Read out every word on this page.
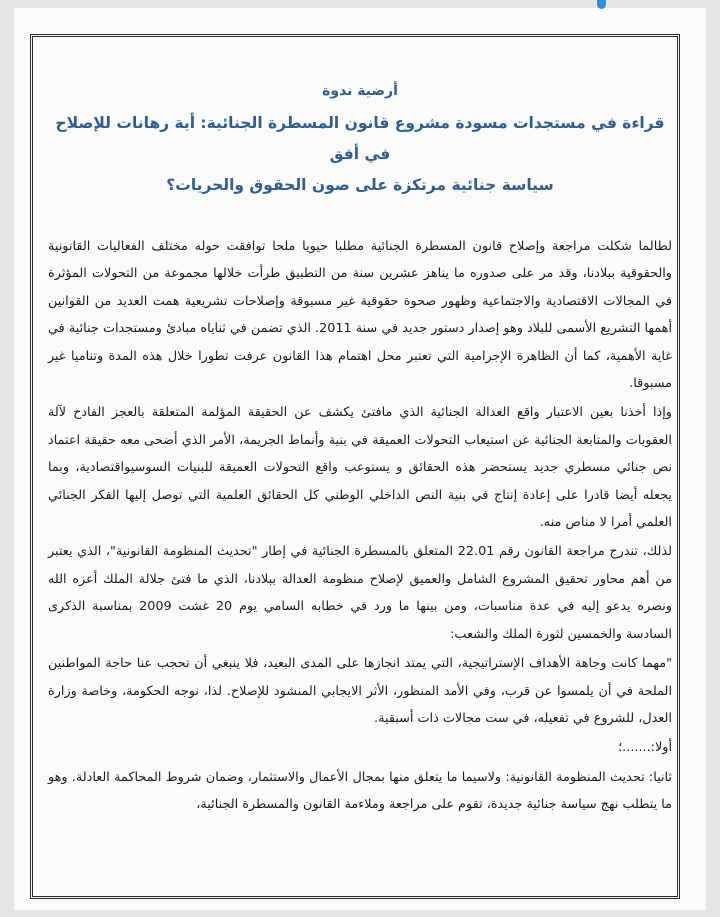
أرضية ندوة
قراءة في مستجدات مسودة مشروع قانون المسطرة الجنائية: أية رهانات للإصلاح في أفق
سياسة جنائية مرتكزة على صون الحقوق والحريات؟

لطالما شكلت مراجعة وإصلاح قانون المسطرة الجنائية مطلبا حيويا ملحا توافقت حوله مختلف الفعاليات القانونية والحقوقية ببلادنا، وقد مر على صدوره ما يناهز عشرين سنة من التطبيق طرأت خلالها مجموعة من التحولات المؤثرة في المجالات الاقتصادية والاجتماعية وظهور صحوة حقوقية غير مسبوقة وإصلاحات تشريعية همت العديد من القوانين أهمها التشريع الأسمى للبلاد وهو إصدار دستور جديد في سنة 2011. الذي تضمن في ثناياه مبادئ ومستجدات جنائية في غاية الأهمية، كما أن الظاهرة الإجرامية التي تعتبر محل اهتمام هذا القانون عرفت تطورا خلال هذه المدة وتناميا غير مسبوقا.

وإذا أخذنا بعين الاعتبار واقع العدالة الجنائية الذي مافتئ يكشف عن الحقيقة المؤلمة المتعلقة بالعجز الفادح لآلة العقوبات والمتابعة الجنائية عن استيعاب التحولات العميقة في بنية وأنماط الجريمة، الأمر الذي أضحى معه حقيقة اعتماد نص جنائي مسطري جديد يستحضر هذه الحقائق و يستوعب واقع التحولات العميقة للبنيات السوسيواقتصادية، وبما يجعله أيضا قادرا على إعادة إنتاج في بنية النص الداخلي الوطني كل الحقائق العلمية التي توصل إليها الفكر الجنائي العلمي أمرا لا مناص منه.

لذلك، تندرج مراجعة القانون رقم 22.01 المتعلق بالمسطرة الجنائية في إطار "تحديث المنظومة القانونية"، الذي يعتبر من أهم محاور تحقيق المشروع الشامل والعميق لإصلاح منظومة العدالة ببلادنا، الذي ما فتئ جلالة الملك أعزه الله ونصره يدعو إليه في عدة مناسبات، ومن بينها ما ورد في خطابه السامي يوم 20 غشت 2009 بمناسبة الذكرى السادسة والخمسين لثورة الملك والشعب:

"مهما كانت وجاهة الأهداف الإستراتيجية، التي يمتد انجازها على المدى البعيد، فلا ينبغي أن تحجب عنا حاجة المواطنين الملحة في أن يلمسوا عن قرب، وفي الأمد المنظور، الأثر الايجابي المنشود للإصلاح. لذا، نوجه الحكومة، وخاصة وزارة العدل، للشروع في تفعيله، في ست مجالات ذات أسبقية.

أولا:.......؛

ثانيا: تحديث المنظومة القانونية: ولاسيما ما يتعلق منها بمجال الأعمال والاستثمار، وضمان شروط المحاكمة العادلة. وهو ما يتطلب نهج سياسة جنائية جديدة، تقوم على مراجعة وملاءمة القانون والمسطرة الجنائية،
